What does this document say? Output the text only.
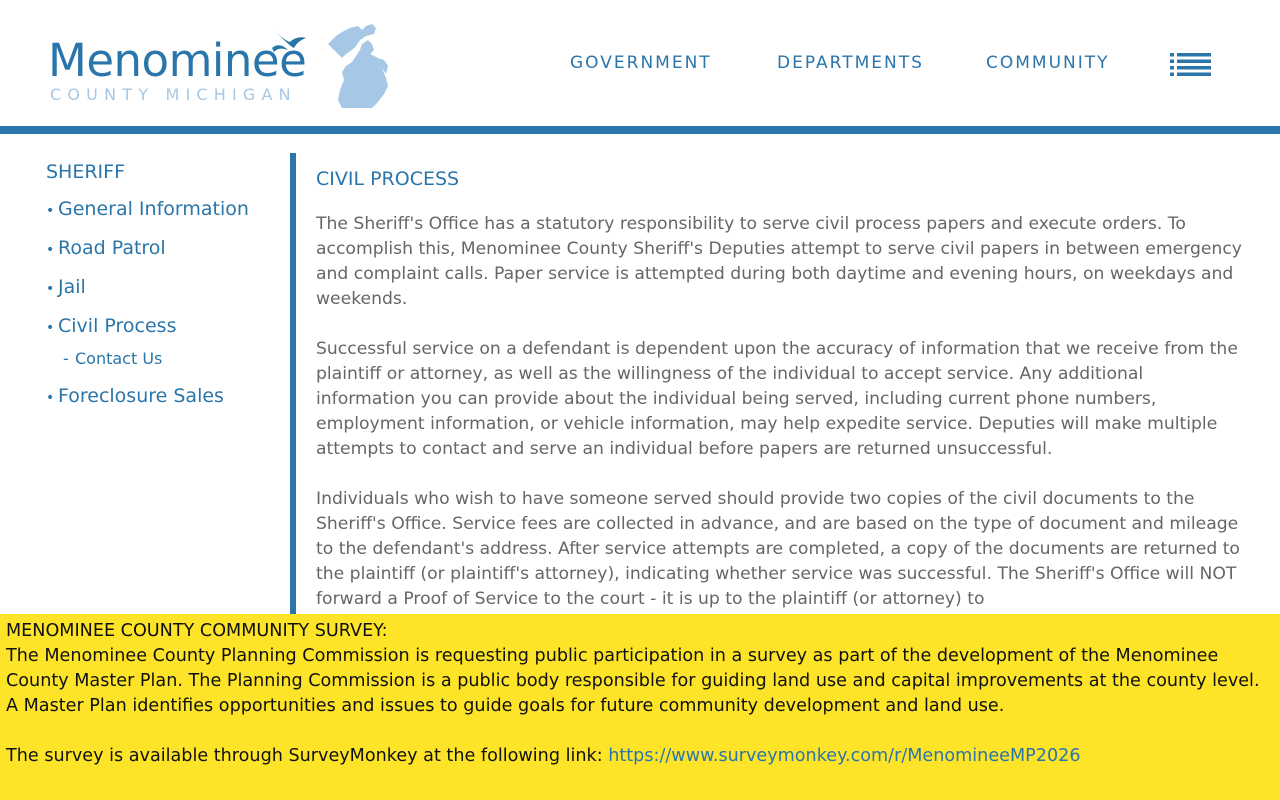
Menominee
COUNTY MICHIGAN
GOVERNMENT	DEPARTMENTS	COMMUNITY
SHERIFF
• General Information
• Road Patrol
• Jail
• Civil Process
- Contact Us
• Foreclosure Sales
CIVIL PROCESS

The Sheriff's Office has a statutory responsibility to serve civil process papers and execute orders. To accomplish this, Menominee County Sheriff's Deputies attempt to serve civil papers in between emergency and complaint calls. Paper service is attempted during both daytime and evening hours, on weekdays and weekends.

Successful service on a defendant is dependent upon the accuracy of information that we receive from the plaintiff or attorney, as well as the willingness of the individual to accept service. Any additional information you can provide about the individual being served, including current phone numbers, employment information, or vehicle information, may help expedite service. Deputies will make multiple attempts to contact and serve an individual before papers are returned unsuccessful.

Individuals who wish to have someone served should provide two copies of the civil documents to the Sheriff's Office. Service fees are collected in advance, and are based on the type of document and mileage to the defendant's address. After service attempts are completed, a copy of the documents are returned to the plaintiff (or plaintiff's attorney), indicating whether service was successful. The Sheriff's Office will NOT forward a Proof of Service to the court - it is up to the plaintiff (or attorney) to

MENOMINEE COUNTY COMMUNITY SURVEY:

The Menominee County Planning Commission is requesting public participation in a survey as part of the development of the Menominee County Master Plan. The Planning Commission is a public body responsible for guiding land use and capital improvements at the county level. A Master Plan identifies opportunities and issues to guide goals for future community development and land use.

The survey is available through SurveyMonkey at the following link: https://www.surveymonkey.com/r/MenomineeMP2026
